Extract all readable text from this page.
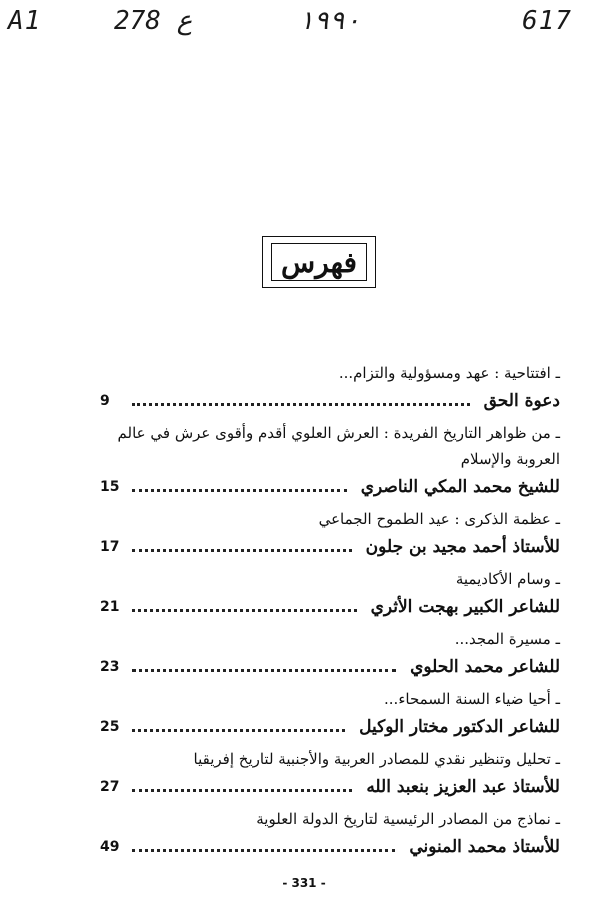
A1	278 ع	١٩٩٠	617
فهرس
ـ افتتاحية : عهد ومسؤولية والتزام...
دعوة الحق
9
ـ من ظواهر التاريخ الفريدة : العرش العلوي أقدم وأقوى عرش في عالم العروبة والإسلام
للشيخ محمد المكي الناصري
15
ـ عظمة الذكرى : عيد الطموح الجماعي
للأستاذ أحمد مجيد بن جلون
17
ـ وسام الأكاديمية
للشاعر الكبير بهجت الأثري
21
ـ مسيرة المجد...
للشاعر محمد الحلوي
23
ـ أحيا ضياء السنة السمحاء...
للشاعر الدكتور مختار الوكيل
25
ـ تحليل وتنظير نقدي للمصادر العربية والأجنبية لتاريخ إفريقيا
للأستاذ عبد العزيز بنعبد الله
27
ـ نماذج من المصادر الرئيسية لتاريخ الدولة العلوية
للأستاذ محمد المنوني
49
- 331 -
